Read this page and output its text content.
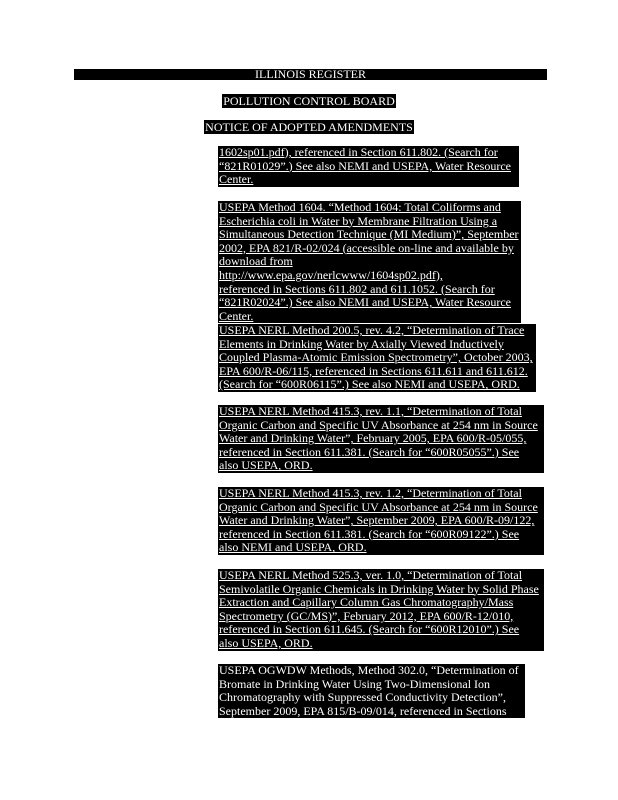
ILLINOIS REGISTER
POLLUTION CONTROL BOARD
NOTICE OF ADOPTED AMENDMENTS
1602sp01.pdf), referenced in Section 611.802. (Search for
“821R01029”.) See also NEMI and USEPA, Water Resource
Center.
USEPA Method 1604. “Method 1604: Total Coliforms and
Escherichia coli in Water by Membrane Filtration Using a
Simultaneous Detection Technique (MI Medium)”, September
2002, EPA 821/R-02/024 (accessible on-line and available by
download from http://www.epa.gov/nerlcwww/1604sp02.pdf),
referenced in Sections 611.802 and 611.1052. (Search for
“821R02024”.) See also NEMI and USEPA, Water Resource
Center.
USEPA NERL Method 200.5, rev. 4.2, “Determination of Trace
Elements in Drinking Water by Axially Viewed Inductively
Coupled Plasma-Atomic Emission Spectrometry”, October 2003,
EPA 600/R-06/115, referenced in Sections 611.611 and 611.612.
(Search for “600R06115”.) See also NEMI and USEPA, ORD.
USEPA NERL Method 415.3, rev. 1.1, “Determination of Total
Organic Carbon and Specific UV Absorbance at 254 nm in Source
Water and Drinking Water”, February 2005, EPA 600/R-05/055,
referenced in Section 611.381. (Search for “600R05055”.) See
also USEPA, ORD.
USEPA NERL Method 415.3, rev. 1.2, “Determination of Total
Organic Carbon and Specific UV Absorbance at 254 nm in Source
Water and Drinking Water”, September 2009, EPA 600/R-09/122,
referenced in Section 611.381. (Search for “600R09122”.) See
also NEMI and USEPA, ORD.
USEPA NERL Method 525.3, ver. 1.0, “Determination of Total
Semivolatile Organic Chemicals in Drinking Water by Solid Phase
Extraction and Capillary Column Gas Chromatography/Mass
Spectrometry (GC/MS)”, February 2012, EPA 600/R-12/010,
referenced in Section 611.645. (Search for “600R12010”.) See
also USEPA, ORD.
USEPA OGWDW Methods, Method 302.0, “Determination of
Bromate in Drinking Water Using Two-Dimensional Ion
Chromatography with Suppressed Conductivity Detection”,
September 2009, EPA 815/B-09/014, referenced in Sections
